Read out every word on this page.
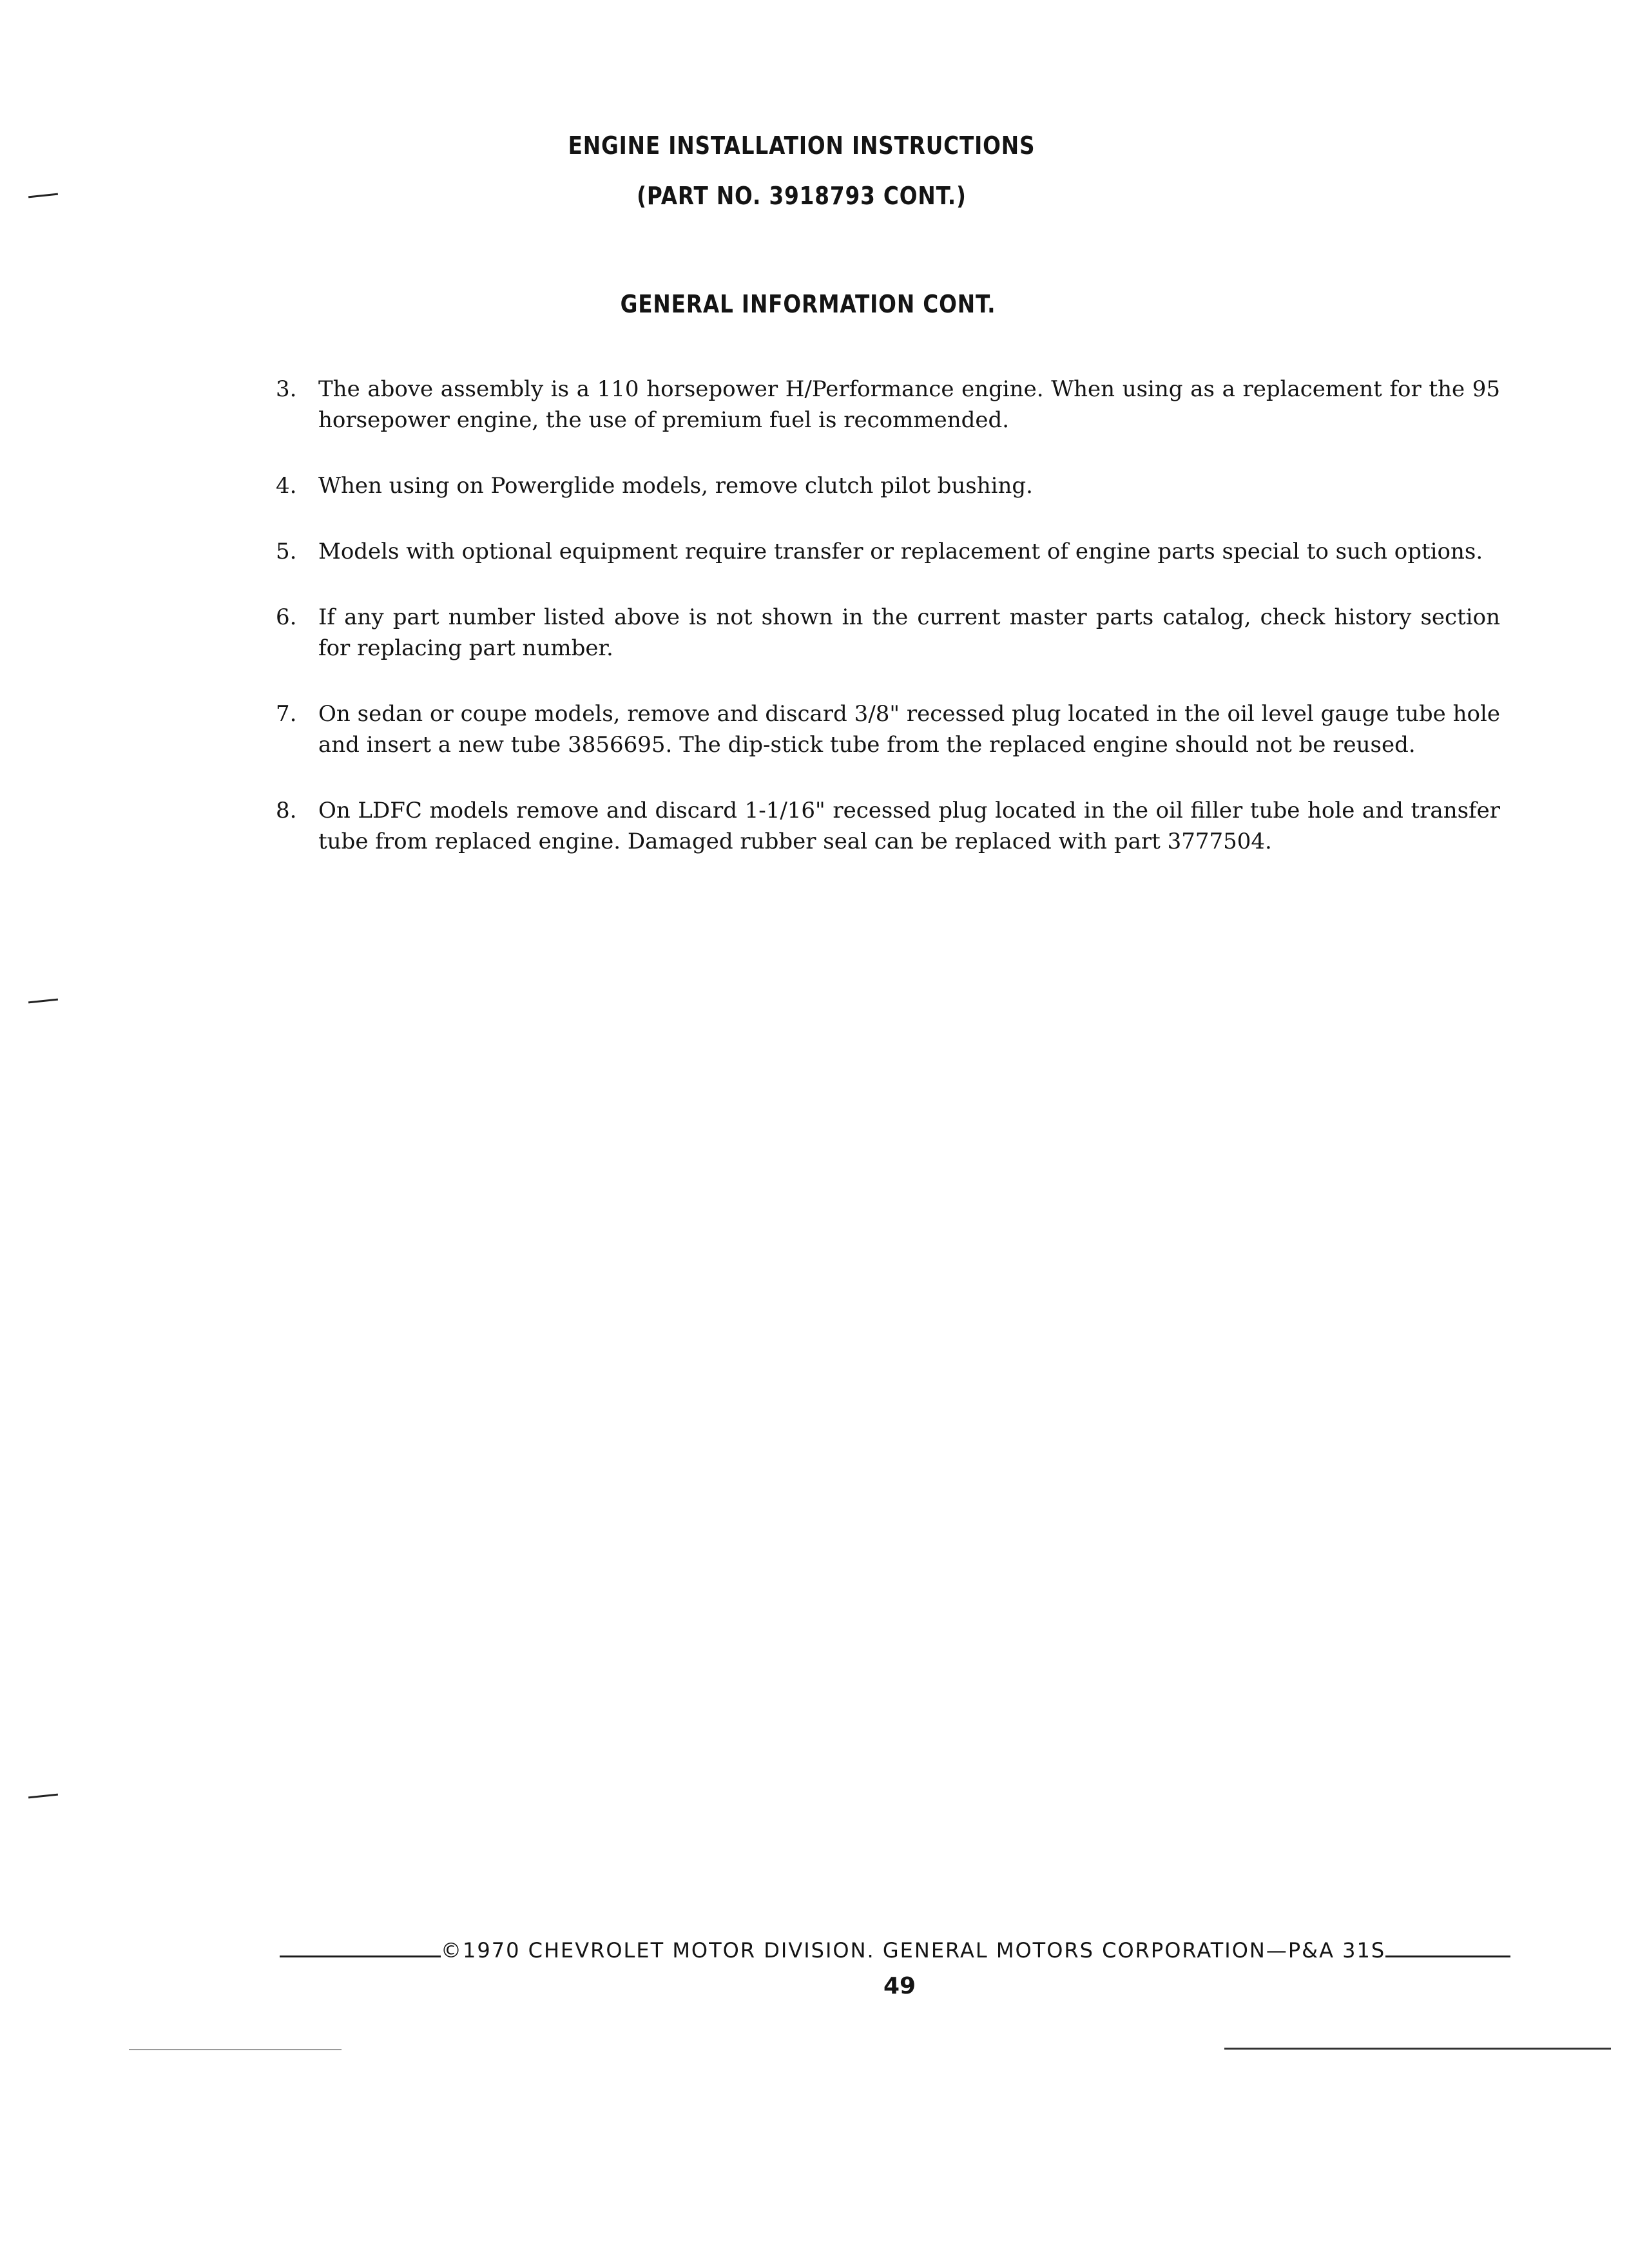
ENGINE INSTALLATION INSTRUCTIONS
(PART NO. 3918793 CONT.)
GENERAL INFORMATION CONT.
3. The above assembly is a 110 horsepower H/Performance engine. When using as a replacement for the 95 horsepower engine, the use of premium fuel is recommended.
4. When using on Powerglide models, remove clutch pilot bushing.
5. Models with optional equipment require transfer or replacement of engine parts special to such options.
6. If any part number listed above is not shown in the current master parts catalog, check history section for replacing part number.
7. On sedan or coupe models, remove and discard 3/8" recessed plug located in the oil level gauge tube hole and insert a new tube 3856695. The dip-stick tube from the replaced engine should not be reused.
8. On LDFC models remove and discard 1-1/16" recessed plug located in the oil filler tube hole and transfer tube from replaced engine. Damaged rubber seal can be replaced with part 3777504.
©1970 CHEVROLET MOTOR DIVISION. GENERAL MOTORS CORPORATION—P&A 31S
49
